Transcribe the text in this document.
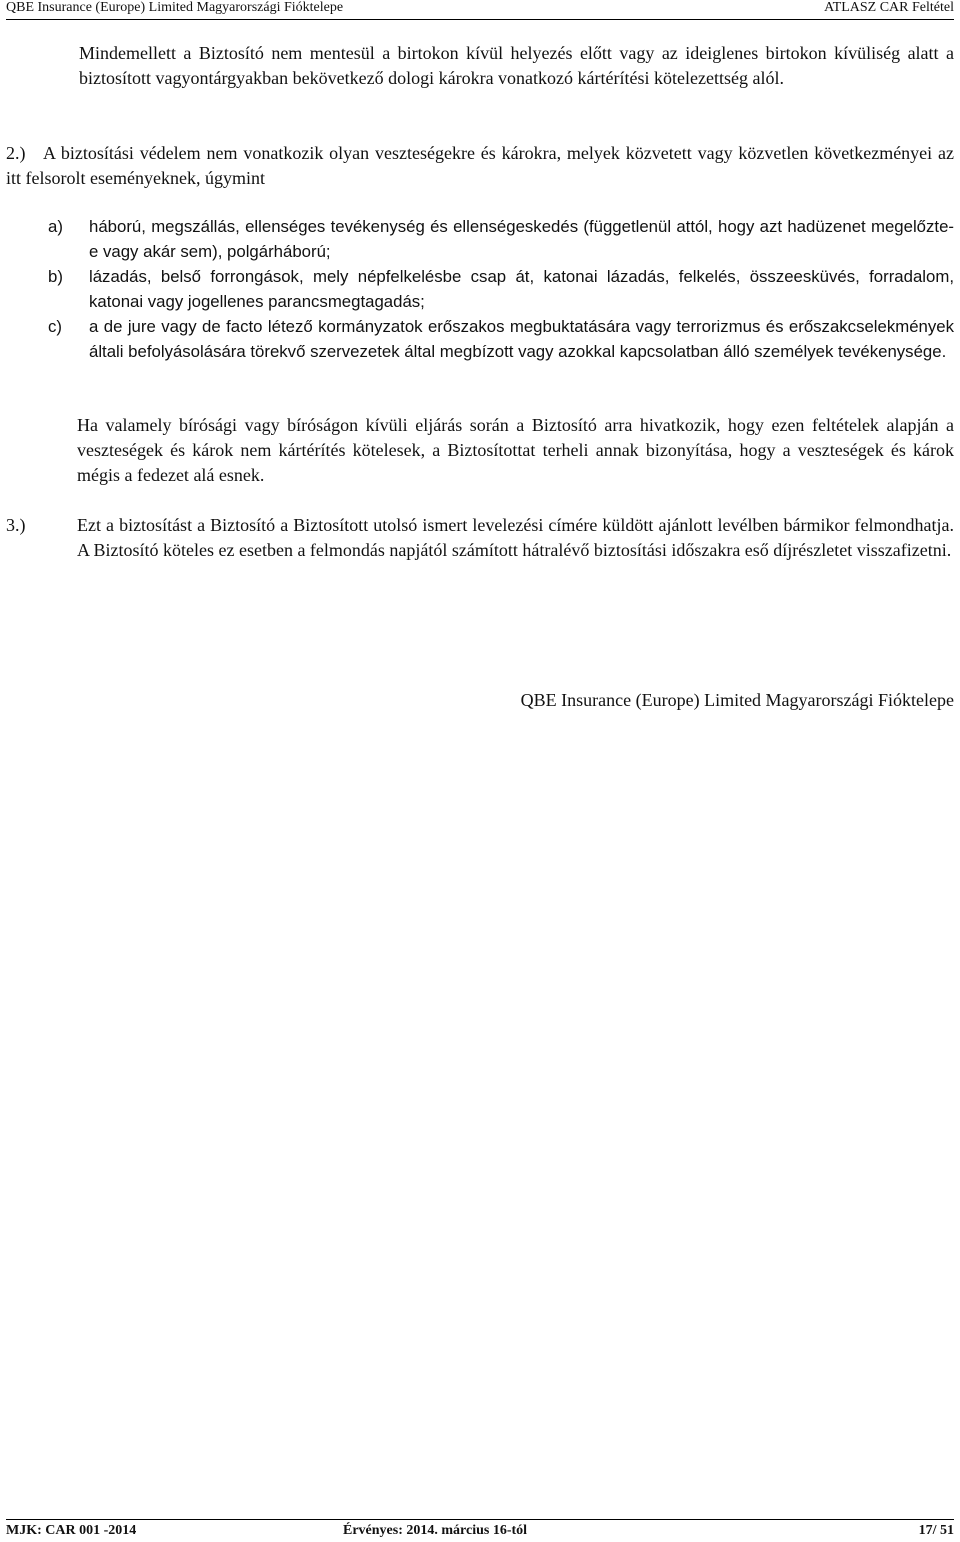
QBE Insurance (Europe) Limited Magyarországi Fióktelepe	ATLASZ CAR Feltétel

Mindemellett a Biztosító nem mentesül a birtokon kívül helyezés előtt vagy az ideiglenes birtokon kívüliség alatt a biztosított vagyontárgyakban bekövetkező dologi károkra vonatkozó kártérítési kötelezettség alól.

2.) A biztosítási védelem nem vonatkozik olyan veszteségekre és károkra, melyek közvetett vagy közvetlen következményei az itt felsorolt eseményeknek, úgymint

a) háború, megszállás, ellenséges tevékenység és ellenségeskedés (függetlenül attól, hogy azt hadüzenet megelőzte-e vagy akár sem), polgárháború;

b) lázadás, belső forrongások, mely népfelkelésbe csap át, katonai lázadás, felkelés, összeesküvés, forradalom, katonai vagy jogellenes parancsmegtagadás;

c) a de jure vagy de facto létező kormányzatok erőszakos megbuktatására vagy terrorizmus és erőszakcselekmények általi befolyásolására törekvő szervezetek által megbízott vagy azokkal kapcsolatban álló személyek tevékenysége.

Ha valamely bírósági vagy bíróságon kívüli eljárás során a Biztosító arra hivatkozik, hogy ezen feltételek alapján a veszteségek és károk nem kártérítés kötelesek, a Biztosítottat terheli annak bizonyítása, hogy a veszteségek és károk mégis a fedezet alá esnek.

3.)	Ezt a biztosítást a Biztosító a Biztosított utolsó ismert levelezési címére küldött ajánlott levélben bármikor felmondhatja. A Biztosító köteles ez esetben a felmondás napjától számított hátralévő biztosítási időszakra eső díjrészletet visszafizetni.

QBE Insurance (Europe) Limited Magyarországi Fióktelepe
MJK: CAR 001 -2014	Érvényes: 2014. március 16-tól	17/ 51
